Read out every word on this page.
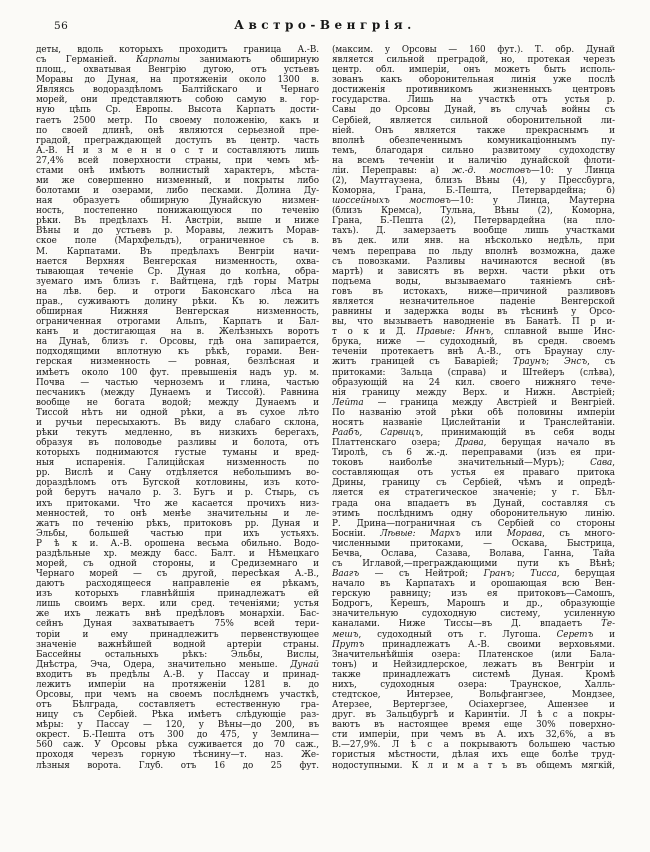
56	Австро-Венгрія.
деты, вдоль которыхъ проходитъ граница А.-В.
съ Германіей. Карпаты занимаютъ обширную
площ., охватывая Венгрію дугою, отъ устьевъ
Моравы до Дуная, на протяженіи около 1300 в.
Являясь водораздѣломъ Балтійскаго и Чернаго
морей, они представляютъ собою самую в. гор-
ную цѣпь Ср. Европы. Высота Карпатъ дости-
гаетъ 2500 метр. По своему положенію, какъ и
по своей длинѣ, онѣ являются серьезной пре-
градой, преграждающей доступъ въ центр. часть
А.-В. Н и з м е н н о с т и составляютъ лишь
27,4% всей поверхности страны, при чемъ мѣ-
стами онѣ имѣютъ волнистый характеръ, мѣста-
ми же совершенно низменный, и покрыты либо
болотами и озерами, либо песками. Долина Ду-
ная образуетъ обширную Дунайскую низмен-
ность, постепенно понижающуюся по теченію
рѣки. Въ предѣлахъ Н. Австріи, выше и ниже
Вѣны и до устьевъ р. Моравы, лежитъ Морав-
ское поле (Мархфельдъ), ограниченное съ в.
М. Карпатами. Въ предѣлахъ Венгріи начи-
нается Верхняя Венгерская низменность, охва-
тывающая теченіе Ср. Дуная до колѣна, обра-
зуемаго имъ близъ г. Вайтцена, гдѣ горы Матры
на лѣв. бер. и отроги Баконскаго лѣса на
прав., суживаютъ долину рѣки. Къ ю. лежитъ
обширная Нижняя Венгерская низменность,
ограниченная отрогами Альпъ, Карпатъ и Бал-
канъ и достигающая на в. Желѣзныхъ воротъ
на Дунаѣ, близъ г. Орсовы, гдѣ она запирается,
подходящими вплотную къ рѣкѣ, горами. Вен-
герская низменность — ровная, безлѣсная и
имѣетъ около 100 фут. превышенія надъ ур. м.
Почва — частью черноземъ и глина, частью
песчаникъ (между Дунаемъ и Тиссой). Равнина
вообще не богата водой; между Дунаемъ и
Тиссой нѣтъ ни одной рѣки, а въ сухое лѣто
и ручьи пересыхаютъ. Въ виду слабаго склона,
рѣки текутъ медленно, въ низкихъ берегахъ,
образуя въ половодье разливы и болота, отъ
которыхъ поднимаются густые туманы и вред-
ныя испаренія. Галиційская низменность по
рр. Вислѣ и Сану отдѣляется небольшимъ во-
дораздѣломъ отъ Бугской котловины, изъ кото-
рой берутъ начало р. З. Бугъ и р. Стырь, съ
ихъ притоками. Что же касается прочихъ низ-
менностей, то онѣ менѣе значительны и ле-
жатъ по теченію рѣкъ, притоковъ рр. Дуная и
Эльбы, большей частью при ихъ устьяхъ.
Р ѣ к и. А.-В. орошена весьма обильно. Водо-
раздѣльные хр. между басс. Балт. и Нѣмецкаго
морей, съ одной стороны, и Средиземнаго и
Чернаго морей — съ другой, пересѣкая А.-В.,
даютъ расходящееся направленіе ея рѣкамъ,
изъ которыхъ главнѣйшія принадлежатъ ей
лишь своимъ верх. или сред. теченіями; устья
же ихъ лежатъ внѣ предѣловъ монархіи. Бас-
сейнъ Дуная захватываетъ 75% всей тери-
торіи и ему принадлежитъ первенствующее
значеніе важнѣйшей водной артеріи страны.
Бассейны остальныхъ рѣкъ: Эльбы, Вислы,
Днѣстра, Эча, Одера, значительно меньше. Дунай
входитъ въ предѣлы А.-В. у Пассау и принад-
лежитъ имперіи на протяженіи 1281 в. до
Орсовы, при чемъ на своемъ послѣднемъ участкѣ,
отъ Бѣлграда, составляетъ естественную гра-
ницу съ Сербіей. Рѣка имѣетъ слѣдующіе раз-
мѣры: у Пассау — 120, у Вѣны—до 200, въ
окрест. Б.-Пешта отъ 300 до 475, у Землина—
560 саж. У Орсовы рѣка суживается до 70 саж.,
проходя черезъ горную тѣснину—т. наз. Же-
лѣзныя ворота. Глуб. отъ 16 до 25 фут.
(максим. у Орсовы — 160 фут.). Т. обр. Дунай
является сильной преградой, но, протекая черезъ
центр. обл. имперіи, онъ можетъ быть исполь-
зованъ какъ оборонительная линія уже послѣ
достиженія противникомъ жизненныхъ центровъ
государства. Лишь на участкѣ отъ устья р.
Савы до Орсовы Дунай, въ случаѣ войны съ
Сербіей, является сильной оборонительной ли-
ніей. Онъ является также прекраснымъ и
вполнѣ обезпеченнымъ комуникаціоннымъ пу-
темъ, благодаря сильно развитому судоходству
на всемъ теченіи и наличію дунайской флоти-
ліи. Переправы: а) ж.-д. мостовъ—10: у Линца
(2), Маутгаузена, близъ Вѣны (4), у Прессбурга,
Коморна, Грана, Б.-Пешта, Петервардейна; б)
шоссейныхъ мостовъ—10: у Линца, Маутерна
(близъ Кремса), Тульна, Вѣны (2), Коморна,
Грана, Б.-Пешта (2), Петервардейна (на пло-
тахъ). Д. замерзаетъ вообще лишь участками
въ дек. или янв. на нѣсколько недѣль, при
чемъ переправа по льду вполнѣ возможна, даже
съ повозками. Разливы начинаются весной (въ
мартѣ) и зависятъ въ верхн. части рѣки отъ
подъема воды, вызываемаго таяніемъ снѣ-
говъ въ истокахъ, ниже—причиной разливовъ
является незначительное паденіе Венгерской
равнины и задержка воды въ тѣснинѣ у Орсо-
вы, что вызываетъ наводненіе въ Банатѣ. П р и-
т о к и Д. Правые: Иннъ, сплавной выше Инс-
брука, ниже — судоходный, въ средн. своемъ
теченіи протекаетъ внѣ А.-В., отъ Браунау слу-
житъ границей съ Баваріей; Траунъ; Энсъ, съ
притоками: Зальца (справа) и Штейеръ (слѣва),
образующій на 24 кил. своего нижняго тече-
нія границу между Верх. и Нижн. Австріей;
Лейта — граница между Австріей и Венгріей.
По названію этой рѣки обѣ половины имперіи
носятъ названіе Цислейтаніи и Транслейтаніи.
Раабъ, Сарвицъ, принимающій въ себя воды
Платтенскаго озера; Драва, берущая начало въ
Тиролѣ, съ 6 ж.-д. переправами (изъ ея при-
токовъ наиболѣе значительный—Муръ); Сава,
составляющая отъ устья ея праваго притока
Дрины, границу съ Сербіей, чѣмъ и опредѣ-
ляется ея стратегическое значеніе; у г. Бѣл-
града она впадаетъ въ Дунай, составляя съ
этимъ послѣднимъ одну оборонительную линію.
Р. Дрина—пограничная съ Сербіей со стороны
Босніи. Лѣвые: Мархъ или Морава, съ много-
численными притоками, — Оскава, Быстрица,
Бечва, Ослава, Сазава, Волава, Ганна, Тайа
съ Иглавой,—преграждающими пути къ Вѣнѣ;
Ваагъ — съ Нейтрой; Гранъ; Тисса, берущая
начало въ Карпатахъ и орошающая всю Вен-
герскую равницу; изъ ея притоковъ—Самошъ,
Бодрогъ, Керешъ, Марошъ и др., образующіе
значительную судоходную систему, усиленную
каналами. Ниже Тиссы—въ Д. впадаетъ Те-
мешъ, судоходный отъ г. Лугоша. Серетъ и
Прутъ принадлежатъ А.-В. своими верховьями.
Значительнѣйшія озера: Платенское (или Бала-
тонъ) и Нейзидлерское, лежатъ въ Венгріи и
также принадлежатъ системѣ Дуная. Кромѣ
нихъ, судоходныя озера: Траунское, Халль-
стедтское, Интерзее, Вольфгангзее, Мондзее,
Атерзее, Вертергзее, Осіахергзее, Ашензее и
друг. въ Зальцбургѣ и Каринтіи. Л ѣ с а покры-
ваютъ въ настоящее время еще 30% поверхно-
сти имперіи, при чемъ въ А. ихъ 32,6%, а въ
В.—27,9%. Л ѣ с а покрываютъ большею частью
гористыя мѣстности, дѣлая ихъ еще болѣе труд-
нодоступными. К л и м а т ъ въ общемъ мягкій,
